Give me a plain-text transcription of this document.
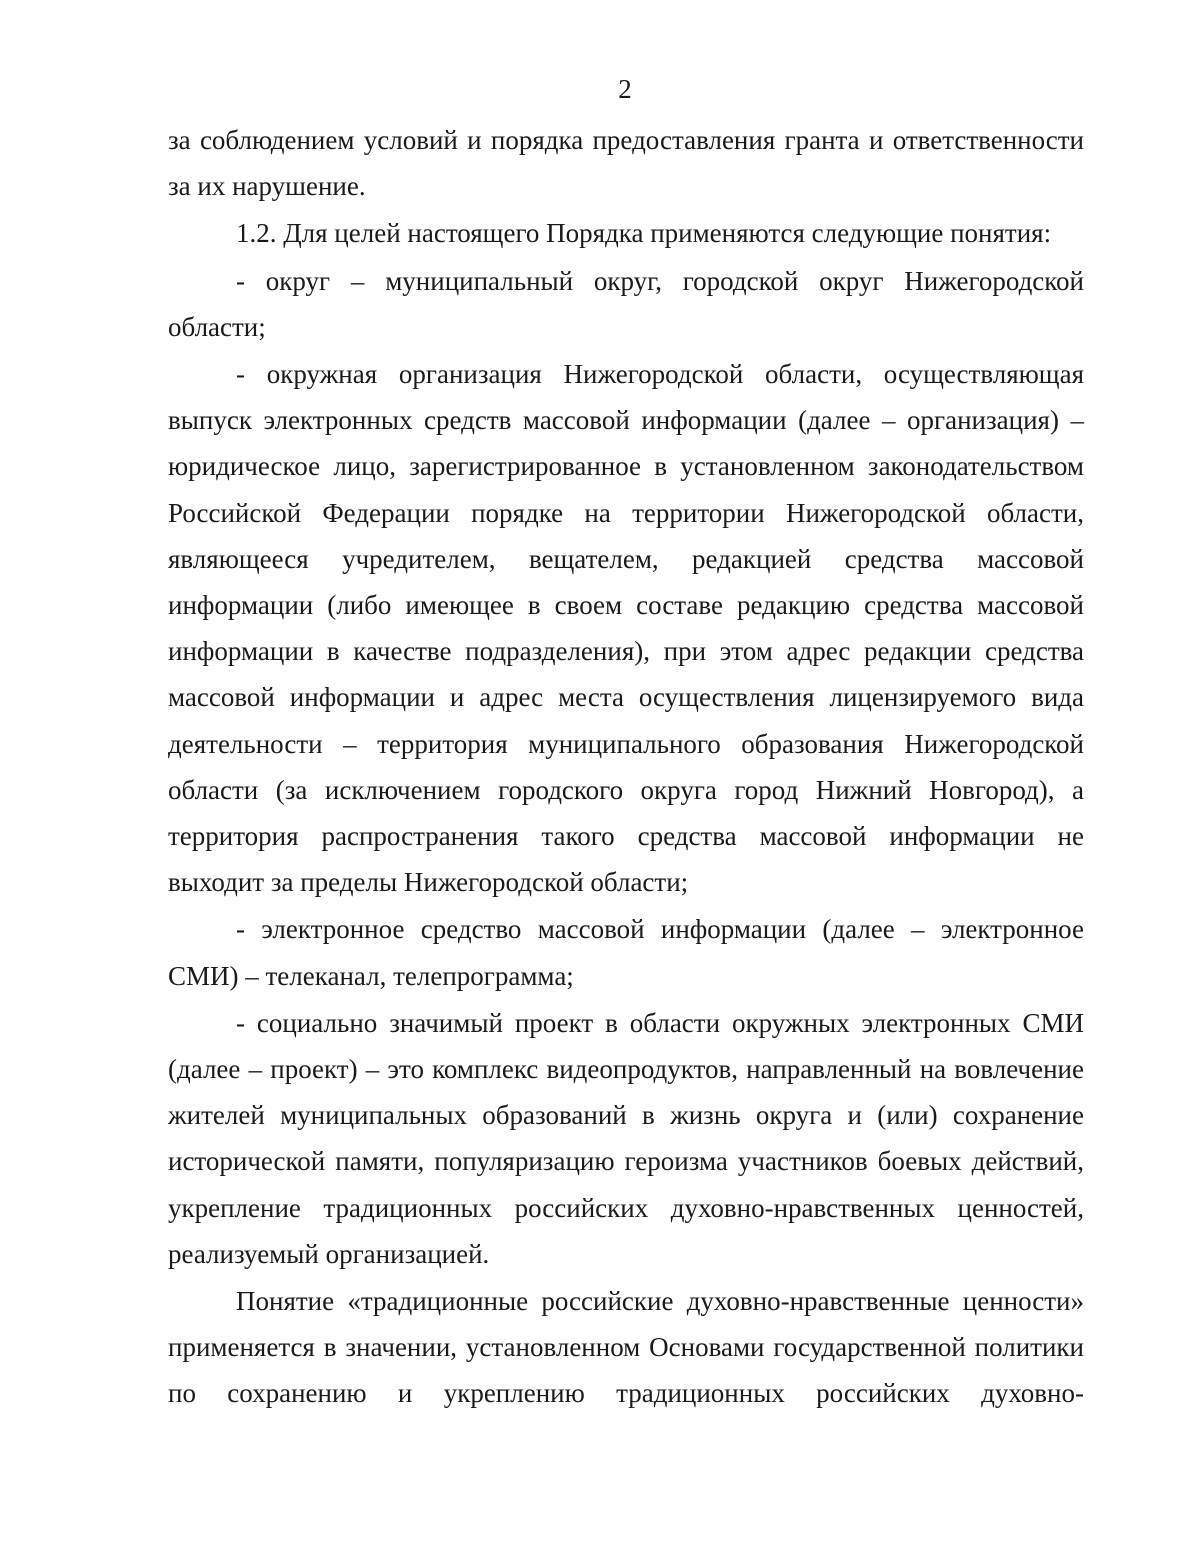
2

за соблюдением условий и порядка предоставления гранта и ответственности за их нарушение.

1.2. Для целей настоящего Порядка применяются следующие понятия:

- округ – муниципальный округ, городской округ Нижегородской области;

- окружная организация Нижегородской области, осуществляющая выпуск электронных средств массовой информации (далее – организация) – юридическое лицо, зарегистрированное в установленном законодательством Российской Федерации порядке на территории Нижегородской области, являющееся учредителем, вещателем, редакцией средства массовой информации (либо имеющее в своем составе редакцию средства массовой информации в качестве подразделения), при этом адрес редакции средства массовой информации и адрес места осуществления лицензируемого вида деятельности – территория муниципального образования Нижегородской области (за исключением городского округа город Нижний Новгород), а территория распространения такого средства массовой информации не выходит за пределы Нижегородской области;

- электронное средство массовой информации (далее – электронное СМИ) – телеканал, телепрограмма;

- социально значимый проект в области окружных электронных СМИ (далее – проект) – это комплекс видеопродуктов, направленный на вовлечение жителей муниципальных образований в жизнь округа и (или) сохранение исторической памяти, популяризацию героизма участников боевых действий, укрепление традиционных российских духовно-нравственных ценностей, реализуемый организацией.

Понятие «традиционные российские духовно-нравственные ценности» применяется в значении, установленном Основами государственной политики по сохранению и укреплению традиционных российских духовно-
